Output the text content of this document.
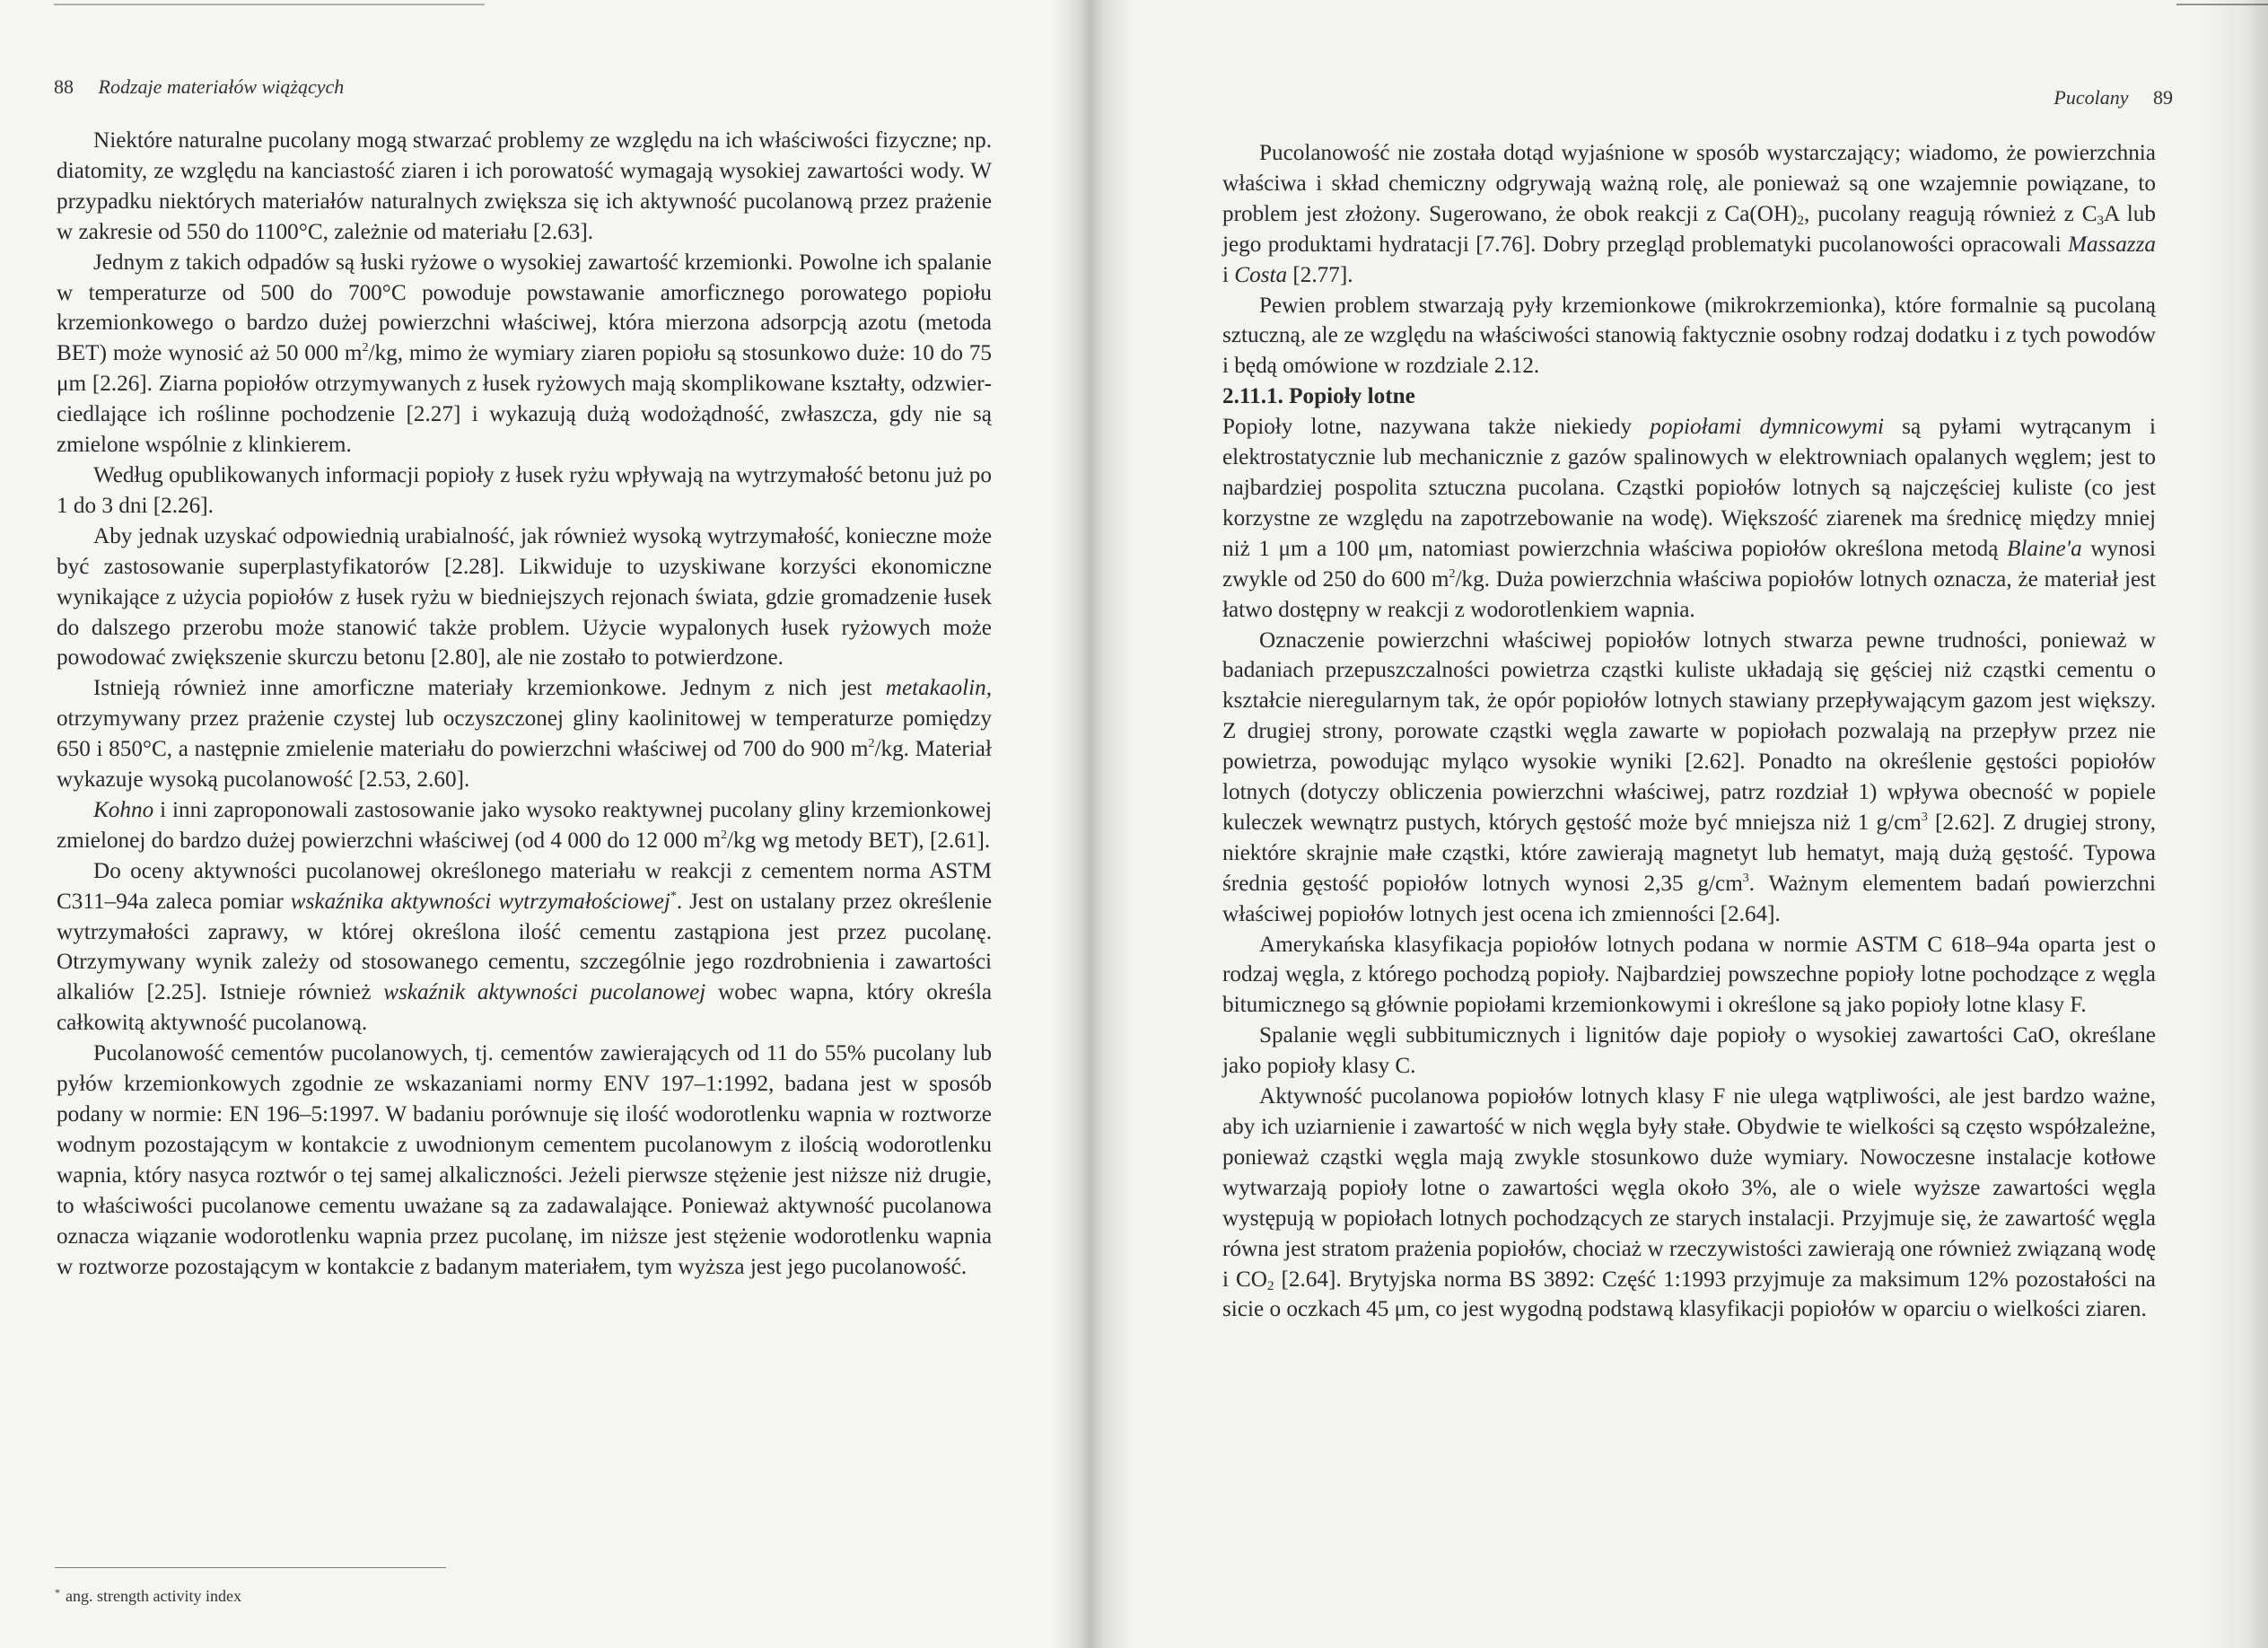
88 Rodzaje materiałów wiążących

Niektóre naturalne pucolany mogą stwarzać problemy ze względu na ich właściwości fizyczne; np. diatomity, ze względu na kanciastość ziaren i ich porowatość wymagają wysokiej zawartości wody. W przypadku niektórych materiałów naturalnych zwiększa się ich aktywność pucolanową przez prażenie w zakresie od 550 do 1100°C, zależnie od materiału [2.63].

Jednym z takich odpadów są łuski ryżowe o wysokiej zawartość krzemionki. Powolne ich spalanie w temperaturze od 500 do 700°C powoduje powstawanie amorficznego porowatego popiołu krzemionkowego o bardzo dużej powierzchni właściwej, która mierzona adsorpcją azotu (metoda BET) może wynosić aż 50 000 $m^2/kg$, mimo że wymiary ziaren popiołu są stosunkowo duże: 10 do 75 μm [2.26]. Ziarna popiołów otrzymywanych z łusek ryżowych mają skomplikowane kształty, odzwierciedlające ich roślinne pochodzenie [2.27] i wykazują dużą wodożądność, zwłaszcza, gdy nie są zmielone wspólnie z klinkierem.

Według opublikowanych informacji popioły z łusek ryżu wpływają na wytrzymałość betonu już po 1 do 3 dni [2.26].

Aby jednak uzyskać odpowiednią urabialność, jak również wysoką wytrzymałość, konieczne może być zastosowanie superplastyfikatorów [2.28]. Likwiduje to uzyskiwane korzyści ekonomiczne wynikające z użycia popiołów z łusek ryżu w biedniejszych rejonach świata, gdzie gromadzenie łusek do dalszego przerobu może stanowić także problem. Użycie wypalonych łusek ryżowych może powodować zwiększenie skurczu betonu [2.80], ale nie zostało to potwierdzone.

Istnieją również inne amorficzne materiały krzemionkowe. Jednym z nich jest metakaolin, otrzymywany przez prażenie czystej lub oczyszczonej gliny kaolinitowej w temperaturze pomiędzy 650 i 850°C, a następnie zmielenie materiału do powierzchni właściwej od 700 do 900 $m^2/kg$. Materiał wykazuje wysoką pucolanowość [2.53, 2.60].

Kohno i inni zaproponowali zastosowanie jako wysoko reaktywnej pucolany gliny krzemionkowej zmielonej do bardzo dużej powierzchni właściwej (od 4 000 do 12 000 $m^2/kg$ wg metody BET), [2.61].

Do oceny aktywności pucolanowej określonego materiału w reakcji z cementem norma ASTM C311–94a zaleca pomiar wskaźnika aktywności wytrzymałościowej*. Jest on ustalany przez określenie wytrzymałości zaprawy, w której określona ilość cementu zastąpiona jest przez pucolanę. Otrzymywany wynik zależy od stosowanego cementu, szczególnie jego rozdrobnienia i zawartości alkaliów [2.25]. Istnieje również wskaźnik aktywności pucolanowej wobec wapna, który określa całkowitą aktywność pucolanową.

Pucolanowość cementów pucolanowych, tj. cementów zawierających od 11 do 55% pucolany lub pyłów krzemionkowych zgodnie ze wskazaniami normy ENV 197–1:1992, badana jest w sposób podany w normie: EN 196–5:1997. W badaniu porównuje się ilość wodorotlenku wapnia w roztworze wodnym pozostającym w kontakcie z uwodnionym cementem pucolanowym z ilością wodorotlenku wapnia, który nasyca roztwór o tej samej alkaliczności. Jeżeli pierwsze stężenie jest niższe niż drugie, to właściwości pucolanowe cementu uważane są za zadawalające. Ponieważ aktywność pucolanowa oznacza wiązanie wodorotlenku wapnia przez pucolanę, im niższe jest stężenie wodorotlenku wapnia w roztworze pozostającym w kontakcie z badanym materiałem, tym wyższa jest jego pucolanowość.

* ang. strength activity index
Pucolany 89

Pucolanowość nie została dotąd wyjaśnione w sposób wystarczający; wiadomo, że powierzchnia właściwa i skład chemiczny odgrywają ważną rolę, ale ponieważ są one wzajemnie powiązane, to problem jest złożony. Sugerowano, że obok reakcji z $Ca(OH)_2$, pucolany reagują również z $C_3A$ lub jego produktami hydratacji [7.76]. Dobry przegląd problematyki pucolanowości opracowali Massazza i Costa [2.77].

Pewien problem stwarzają pyły krzemionkowe (mikrokrzemionka), które formalnie są pucolaną sztuczną, ale ze względu na właściwości stanowią faktycznie osobny rodzaj dodatku i z tych powodów i będą omówione w rozdziale 2.12.

2.11.1. Popioły lotne

Popioły lotne, nazywana także niekiedy popiołami dymnicowymi są pyłami wytrącanym i elektrostatycznie lub mechanicznie z gazów spalinowych w elektrowniach opalanych węglem; jest to najbardziej pospolita sztuczna pucolana. Cząstki popiołów lotnych są najczęściej kuliste (co jest korzystne ze względu na zapotrzebowanie na wodę). Większość ziarenek ma średnicę między mniej niż 1 μm a 100 μm, natomiast powierzchnia właściwa popiołów określona metodą Blaine'a wynosi zwykle od 250 do 600 $m^2/kg$. Duża powierzchnia właściwa popiołów lotnych oznacza, że materiał jest łatwo dostępny w reakcji z wodorotlenkiem wapnia.

Oznaczenie powierzchni właściwej popiołów lotnych stwarza pewne trudności, ponieważ w badaniach przepuszczalności powietrza cząstki kuliste układają się gęściej niż cząstki cementu o kształcie nieregularnym tak, że opór popiołów lotnych stawiany przepływającym gazom jest większy. Z drugiej strony, porowate cząstki węgla zawarte w popiołach pozwalają na przepływ przez nie powietrza, powodując myląco wysokie wyniki [2.62]. Ponadto na określenie gęstości popiołów lotnych (dotyczy obliczenia powierzchni właściwej, patrz rozdział 1) wpływa obecność w popiele kuleczek wewnątrz pustych, których gęstość może być mniejsza niż 1 $g/cm^3$ [2.62]. Z drugiej strony, niektóre skrajnie małe cząstki, które zawierają magnetyt lub hematyt, mają dużą gęstość. Typowa średnia gęstość popiołów lotnych wynosi 2,35 $g/cm^3$. Ważnym elementem badań powierzchni właściwej popiołów lotnych jest ocena ich zmienności [2.64].

Amerykańska klasyfikacja popiołów lotnych podana w normie ASTM C 618–94a oparta jest o rodzaj węgla, z którego pochodzą popioły. Najbardziej powszechne popioły lotne pochodzące z węgla bitumicznego są głównie popiołami krzemionkowymi i określone są jako popioły lotne klasy F.

Spalanie węgli subbitumicznych i lignitów daje popioły o wysokiej zawartości CaO, określane jako popioły klasy C.

Aktywność pucolanowa popiołów lotnych klasy F nie ulega wątpliwości, ale jest bardzo ważne, aby ich uziarnienie i zawartość w nich węgla były stałe. Obydwie te wielkości są często współzależne, ponieważ cząstki węgla mają zwykle stosunkowo duże wymiary. Nowoczesne instalacje kotłowe wytwarzają popioły lotne o zawartości węgla około 3%, ale o wiele wyższe zawartości węgla występują w popiołach lotnych pochodzących ze starych instalacji. Przyjmuje się, że zawartość węgla równa jest stratom prażenia popiołów, chociaż w rzeczywistości zawierają one również związaną wodę i $CO_2$ [2.64]. Brytyjska norma BS 3892: Część 1:1993 przyjmuje za maksimum 12% pozostałości na sicie o oczkach 45 μm, co jest wygodną podstawą klasyfikacji popiołów w oparciu o wielkości ziaren.
